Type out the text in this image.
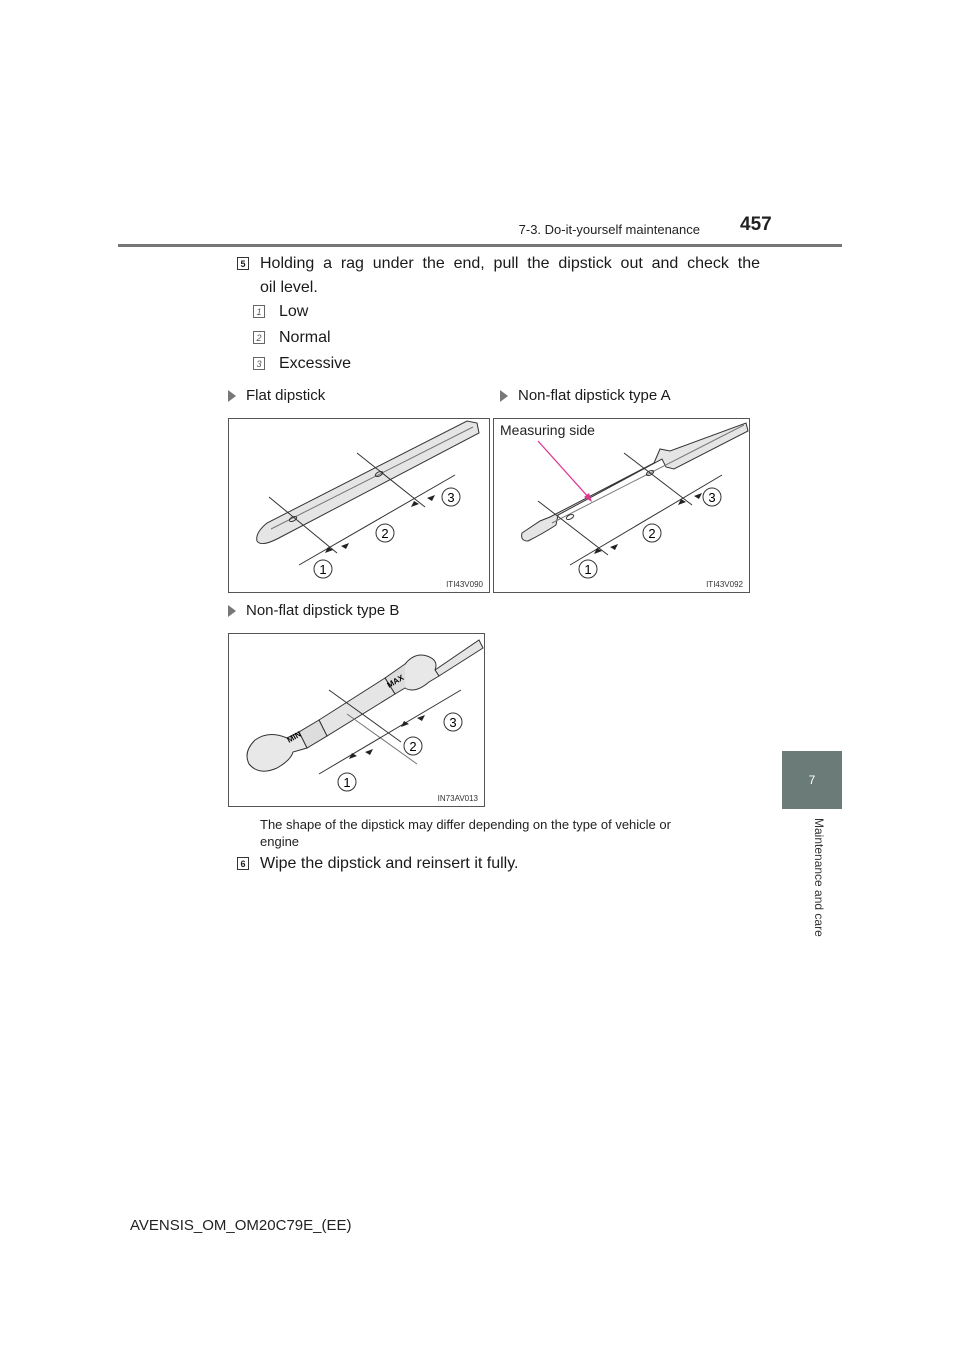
7-3. Do-it-yourself maintenance 457
7
Maintenance and care
5 Holding a rag under the end, pull the dipstick out and check the
oil level.
1 Low
2 Normal
3 Excessive
Flat dipstick	Non-flat dipstick type A
1
2
3
ITI43V090
Measuring side
1
2
3
ITI43V092
Non-flat dipstick type B
MIN
MAX
1
2
3
IN73AV013
The shape of the dipstick may differ depending on the type of vehicle or
engine
6 Wipe the dipstick and reinsert it fully.
AVENSIS_OM_OM20C79E_(EE)
